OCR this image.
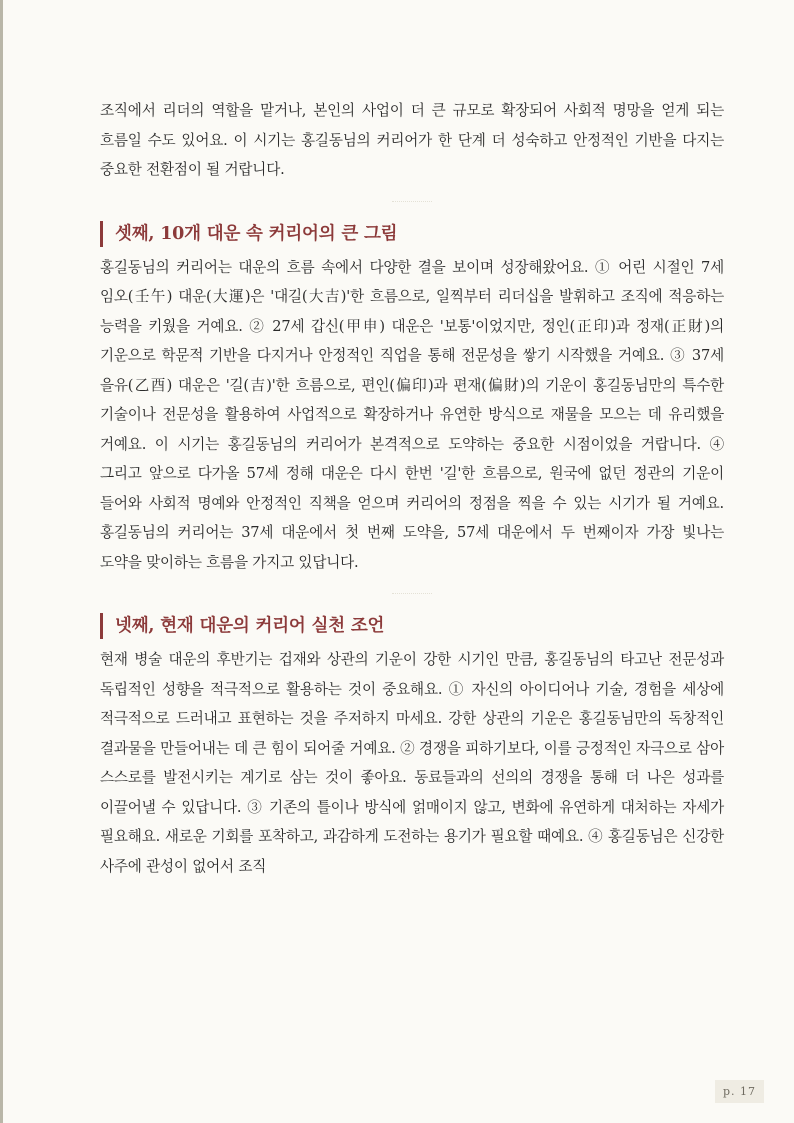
조직에서 리더의 역할을 맡거나, 본인의 사업이 더 큰 규모로 확장되어 사회적 명망을 얻게 되는 흐름일 수도 있어요. 이 시기는 홍길동님의 커리어가 한 단계 더 성숙하고 안정적인 기반을 다지는 중요한 전환점이 될 거랍니다.

셋째, 10개 대운 속 커리어의 큰 그림

홍길동님의 커리어는 대운의 흐름 속에서 다양한 결을 보이며 성장해왔어요. ① 어린 시절인 7세 임오(壬午) 대운(大運)은 '대길(大吉)'한 흐름으로, 일찍부터 리더십을 발휘하고 조직에 적응하는 능력을 키웠을 거예요. ② 27세 갑신(甲申) 대운은 '보통'이었지만, 정인(正印)과 정재(正財)의 기운으로 학문적 기반을 다지거나 안정적인 직업을 통해 전문성을 쌓기 시작했을 거예요. ③ 37세 을유(乙酉) 대운은 '길(吉)'한 흐름으로, 편인(偏印)과 편재(偏財)의 기운이 홍길동님만의 특수한 기술이나 전문성을 활용하여 사업적으로 확장하거나 유연한 방식으로 재물을 모으는 데 유리했을 거예요. 이 시기는 홍길동님의 커리어가 본격적으로 도약하는 중요한 시점이었을 거랍니다. ④ 그리고 앞으로 다가올 57세 정해 대운은 다시 한번 '길'한 흐름으로, 원국에 없던 정관의 기운이 들어와 사회적 명예와 안정적인 직책을 얻으며 커리어의 정점을 찍을 수 있는 시기가 될 거예요. 홍길동님의 커리어는 37세 대운에서 첫 번째 도약을, 57세 대운에서 두 번째이자 가장 빛나는 도약을 맞이하는 흐름을 가지고 있답니다.

넷째, 현재 대운의 커리어 실천 조언

현재 병술 대운의 후반기는 겁재와 상관의 기운이 강한 시기인 만큼, 홍길동님의 타고난 전문성과 독립적인 성향을 적극적으로 활용하는 것이 중요해요. ① 자신의 아이디어나 기술, 경험을 세상에 적극적으로 드러내고 표현하는 것을 주저하지 마세요. 강한 상관의 기운은 홍길동님만의 독창적인 결과물을 만들어내는 데 큰 힘이 되어줄 거예요. ② 경쟁을 피하기보다, 이를 긍정적인 자극으로 삼아 스스로를 발전시키는 계기로 삼는 것이 좋아요. 동료들과의 선의의 경쟁을 통해 더 나은 성과를 이끌어낼 수 있답니다. ③ 기존의 틀이나 방식에 얽매이지 않고, 변화에 유연하게 대처하는 자세가 필요해요. 새로운 기회를 포착하고, 과감하게 도전하는 용기가 필요할 때예요. ④ 홍길동님은 신강한 사주에 관성이 없어서 조직

p. 17
